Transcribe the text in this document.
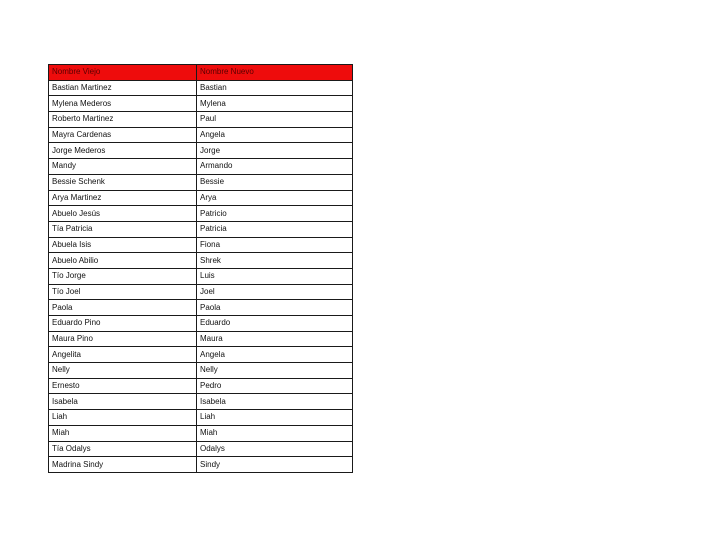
Nombre Viejo	Nombre Nuevo
Bastian Martinez	Bastian
Mylena Mederos	Mylena
Roberto Martinez	Paul
Mayra Cardenas	Angela
Jorge Mederos	Jorge
Mandy	Armando
Bessie Schenk	Bessie
Arya Martinez	Arya
Abuelo Jesús	Patricio
Tía Patricia	Patricia
Abuela Isis	Fiona
Abuelo Abilio	Shrek
Tío Jorge	Luis
Tío Joel	Joel
Paola	Paola
Eduardo Pino	Eduardo
Maura Pino	Maura
Angelita	Angela
Nelly	Nelly
Ernesto	Pedro
Isabela	Isabela
Liah	Liah
Miah	Miah
Tía Odalys	Odalys
Madrina Sindy	Sindy
